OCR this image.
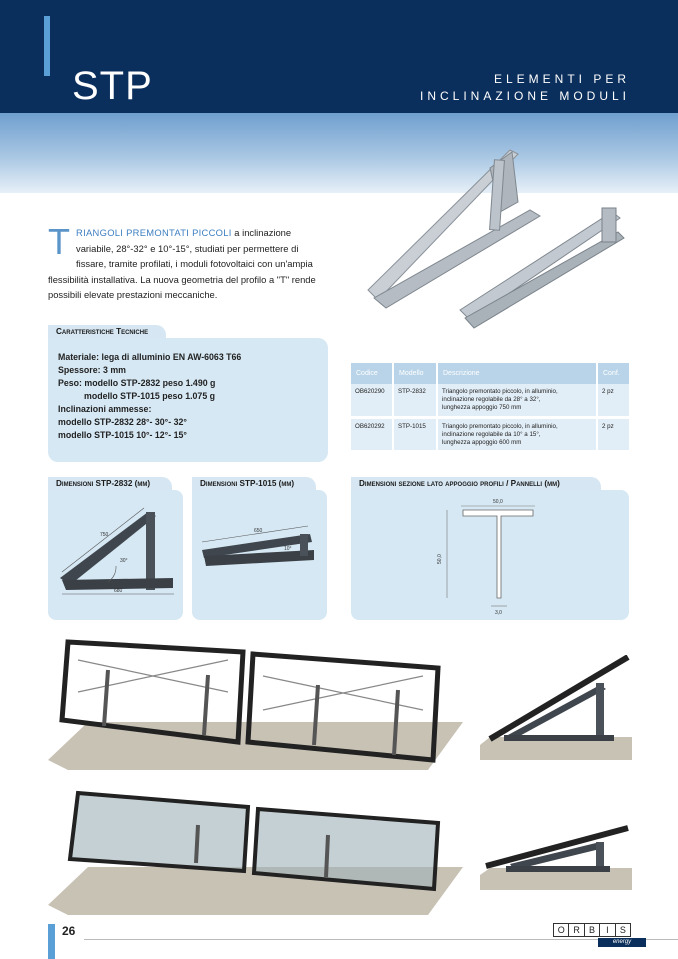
STP	ELEMENTI PER
INCLINAZIONE MODULI
TRIANGOLI PREMONTATI PICCOLI a inclinazione variabile, 28°-32° e 10°-15°, studiati per permettere di fissare, tramite profilati, i moduli fotovoltaici con un'ampia flessibilità installativa. La nuova geometria del profilo a "T" rende possibili elevate prestazioni meccaniche.
Caratteristiche Tecniche
Materiale: lega di alluminio EN AW-6063 T66
Spessore: 3 mm
Peso: modello STP-2832 peso 1.490 g
modello STP-1015 peso 1.075 g
Inclinazioni ammesse:
modello STP-2832 28°- 30°- 32°
modello STP-1015 10°- 12°- 15°
Codice	Modello	Descrizione	Conf.
OB620290	STP-2832	Triangolo premontato piccolo, in alluminio,
inclinazione regolabile da 28° a 32°,
lunghezza appoggio 750 mm	2 pz
OB620292	STP-1015	Triangolo premontato piccolo, in alluminio,
inclinazione regolabile da 10° a 15°,
lunghezza appoggio 600 mm	2 pz
Dimensioni STP-2832 (mm)
750
30°
680
Dimensioni STP-1015 (mm)
650
10°
Dimensioni sezione lato appoggio profili / Pannelli (mm)
50,0
50,0
3,0
26	O R	B	I	S
energy
